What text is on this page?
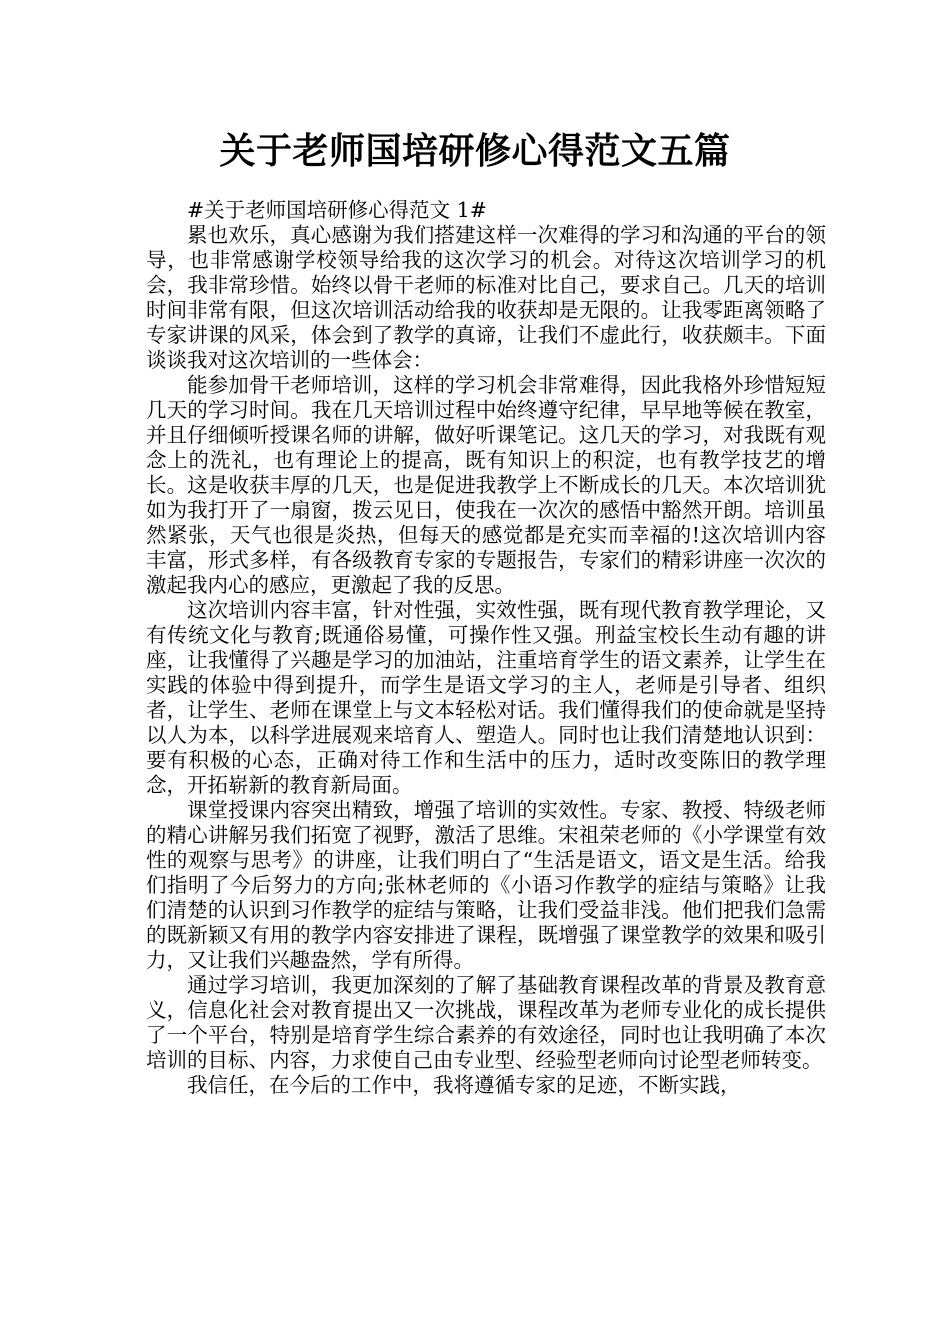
关于老师国培研修心得范文五篇

#关于老师国培研修心得范文 1#

累也欢乐，真心感谢为我们搭建这样一次难得的学习和沟通的平台的领导，也非常感谢学校领导给我的这次学习的机会。对待这次培训学习的机会，我非常珍惜。始终以骨干老师的标准对比自己，要求自己。几天的培训时间非常有限，但这次培训活动给我的收获却是无限的。让我零距离领略了专家讲课的风采，体会到了教学的真谛，让我们不虚此行，收获颇丰。下面谈谈我对这次培训的一些体会：

能参加骨干老师培训，这样的学习机会非常难得，因此我格外珍惜短短几天的学习时间。我在几天培训过程中始终遵守纪律，早早地等候在教室，并且仔细倾听授课名师的讲解，做好听课笔记。这几天的学习，对我既有观念上的洗礼，也有理论上的提高，既有知识上的积淀，也有教学技艺的增长。这是收获丰厚的几天，也是促进我教学上不断成长的几天。本次培训犹如为我打开了一扇窗，拨云见日，使我在一次次的感悟中豁然开朗。培训虽然紧张，天气也很是炎热，但每天的感觉都是充实而幸福的!这次培训内容丰富，形式多样，有各级教育专家的专题报告，专家们的精彩讲座一次次的激起我内心的感应，更激起了我的反思。

这次培训内容丰富，针对性强，实效性强，既有现代教育教学理论，又有传统文化与教育;既通俗易懂，可操作性又强。刑益宝校长生动有趣的讲座，让我懂得了兴趣是学习的加油站，注重培育学生的语文素养，让学生在实践的体验中得到提升，而学生是语文学习的主人，老师是引导者、组织者，让学生、老师在课堂上与文本轻松对话。我们懂得我们的使命就是坚持以人为本，以科学进展观来培育人、塑造人。同时也让我们清楚地认识到：要有积极的心态，正确对待工作和生活中的压力，适时改变陈旧的教学理念，开拓崭新的教育新局面。

课堂授课内容突出精致，增强了培训的实效性。专家、教授、特级老师的精心讲解另我们拓宽了视野，激活了思维。宋祖荣老师的《小学课堂有效性的观察与思考》的讲座，让我们明白了“生活是语文，语文是生活。给我们指明了今后努力的方向;张林老师的《小语习作教学的症结与策略》让我们清楚的认识到习作教学的症结与策略，让我们受益非浅。他们把我们急需的既新颖又有用的教学内容安排进了课程，既增强了课堂教学的效果和吸引力，又让我们兴趣盎然，学有所得。

通过学习培训，我更加深刻的了解了基础教育课程改革的背景及教育意义，信息化社会对教育提出又一次挑战，课程改革为老师专业化的成长提供了一个平台，特别是培育学生综合素养的有效途径，同时也让我明确了本次培训的目标、内容，力求使自己由专业型、经验型老师向讨论型老师转变。

我信任，在今后的工作中，我将遵循专家的足迹，不断实践，
